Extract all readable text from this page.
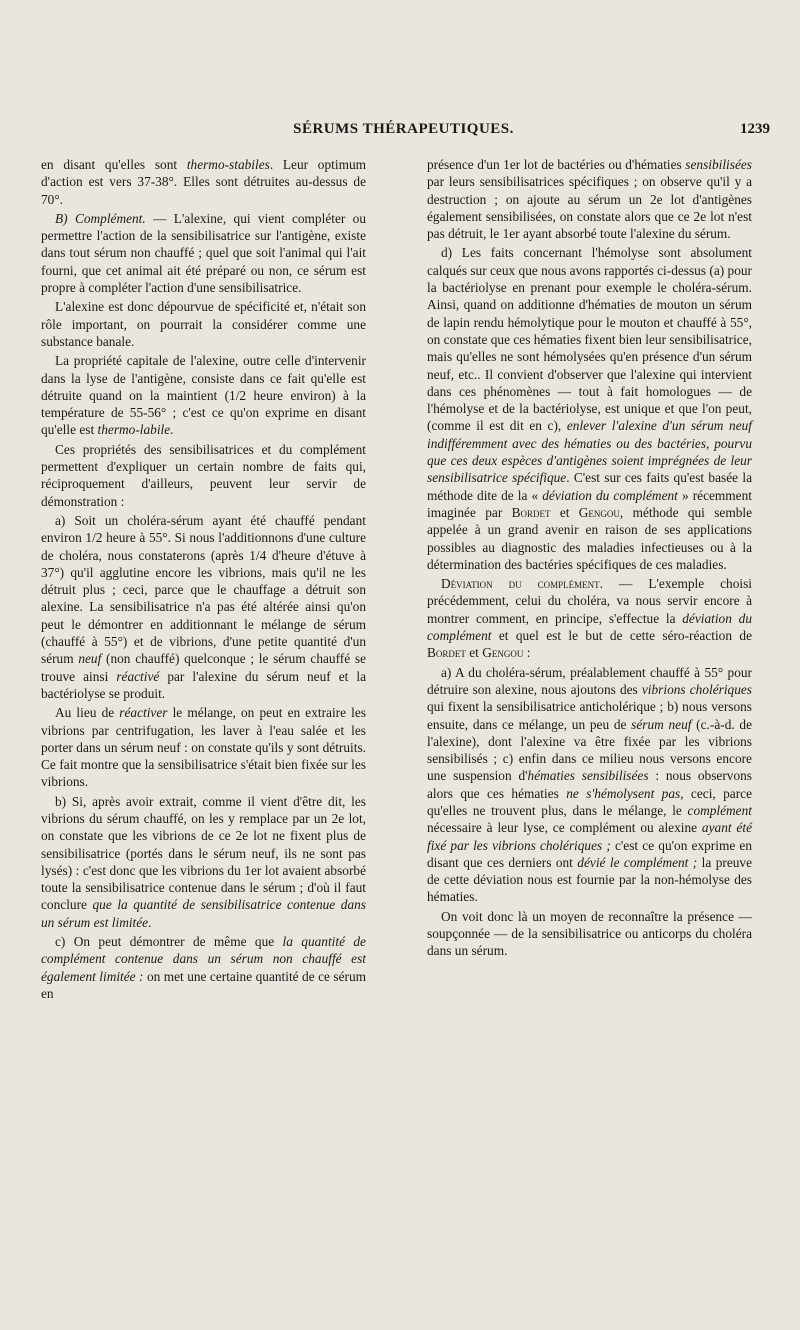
SÉRUMS THÉRAPEUTIQUES.	1239

en disant qu'elles sont thermo-stabiles. Leur optimum d'action est vers 37-38°. Elles sont détruites au-dessus de 70°.

B) Complément. — L'alexine, qui vient compléter ou permettre l'action de la sensibilisatrice sur l'antigène, existe dans tout sérum non chauffé ; quel que soit l'animal qui l'ait fourni, que cet animal ait été préparé ou non, ce sérum est propre à compléter l'action d'une sensibilisatrice.

L'alexine est donc dépourvue de spécificité et, n'était son rôle important, on pourrait la considérer comme une substance banale.

La propriété capitale de l'alexine, outre celle d'intervenir dans la lyse de l'antigène, consiste dans ce fait qu'elle est détruite quand on la maintient (1/2 heure environ) à la température de 55-56° ; c'est ce qu'on exprime en disant qu'elle est thermo-labile.

Ces propriétés des sensibilisatrices et du complément permettent d'expliquer un certain nombre de faits qui, réciproquement d'ailleurs, peuvent leur servir de démonstration :

a) Soit un choléra-sérum ayant été chauffé pendant environ 1/2 heure à 55°. Si nous l'additionnons d'une culture de choléra, nous constaterons (après 1/4 d'heure d'étuve à 37°) qu'il agglutine encore les vibrions, mais qu'il ne les détruit plus ; ceci, parce que le chauffage a détruit son alexine. La sensibilisatrice n'a pas été altérée ainsi qu'on peut le démontrer en additionnant le mélange de sérum (chauffé à 55°) et de vibrions, d'une petite quantité d'un sérum neuf (non chauffé) quelconque ; le sérum chauffé se trouve ainsi réactivé par l'alexine du sérum neuf et la bactériolyse se produit.

Au lieu de réactiver le mélange, on peut en extraire les vibrions par centrifugation, les laver à l'eau salée et les porter dans un sérum neuf : on constate qu'ils y sont détruits. Ce fait montre que la sensibilisatrice s'était bien fixée sur les vibrions.

b) Si, après avoir extrait, comme il vient d'être dit, les vibrions du sérum chauffé, on les y remplace par un 2e lot, on constate que les vibrions de ce 2e lot ne fixent plus de sensibilisatrice (portés dans le sérum neuf, ils ne sont pas lysés) : c'est donc que les vibrions du 1er lot avaient absorbé toute la sensibilisatrice contenue dans le sérum ; d'où il faut conclure que la quantité de sensibilisatrice contenue dans un sérum est limitée.

c) On peut démontrer de même que la quantité de complément contenue dans un sérum non chauffé est également limitée : on met une certaine quantité de ce sérum en

présence d'un 1er lot de bactéries ou d'hématies sensibilisées par leurs sensibilisatrices spécifiques ; on observe qu'il y a destruction ; on ajoute au sérum un 2e lot d'antigènes également sensibilisées, on constate alors que ce 2e lot n'est pas détruit, le 1er ayant absorbé toute l'alexine du sérum.

d) Les faits concernant l'hémolyse sont absolument calqués sur ceux que nous avons rapportés ci-dessus (a) pour la bactériolyse en prenant pour exemple le choléra-sérum. Ainsi, quand on additionne d'hématies de mouton un sérum de lapin rendu hémolytique pour le mouton et chauffé à 55°, on constate que ces hématies fixent bien leur sensibilisatrice, mais qu'elles ne sont hémolysées qu'en présence d'un sérum neuf, etc.. Il convient d'observer que l'alexine qui intervient dans ces phénomènes — tout à fait homologues — de l'hémolyse et de la bactériolyse, est unique et que l'on peut, (comme il est dit en c), enlever l'alexine d'un sérum neuf indifféremment avec des hématies ou des bactéries, pourvu que ces deux espèces d'antigènes soient imprégnées de leur sensibilisatrice spécifique. C'est sur ces faits qu'est basée la méthode dite de la « déviation du complément » récemment imaginée par Bordet et Gengou, méthode qui semble appelée à un grand avenir en raison de ses applications possibles au diagnostic des maladies infectieuses ou à la détermination des bactéries spécifiques de ces maladies.

Déviation du complément. — L'exemple choisi précédemment, celui du choléra, va nous servir encore à montrer comment, en principe, s'effectue la déviation du complément et quel est le but de cette séro-réaction de Bordet et Gengou :

a) A du choléra-sérum, préalablement chauffé à 55° pour détruire son alexine, nous ajoutons des vibrions cholériques qui fixent la sensibilisatrice anticholérique ; b) nous versons ensuite, dans ce mélange, un peu de sérum neuf (c.-à-d. de l'alexine), dont l'alexine va être fixée par les vibrions sensibilisés ; c) enfin dans ce milieu nous versons encore une suspension d'hématies sensibilisées : nous observons alors que ces hématies ne s'hémolysent pas, ceci, parce qu'elles ne trouvent plus, dans le mélange, le complément nécessaire à leur lyse, ce complément ou alexine ayant été fixé par les vibrions cholériques ; c'est ce qu'on exprime en disant que ces derniers ont dévié le complément ; la preuve de cette déviation nous est fournie par la non-hémolyse des hématies.

On voit donc là un moyen de reconnaître la présence — soupçonnée — de la sensibilisatrice ou anticorps du choléra dans un sérum.
